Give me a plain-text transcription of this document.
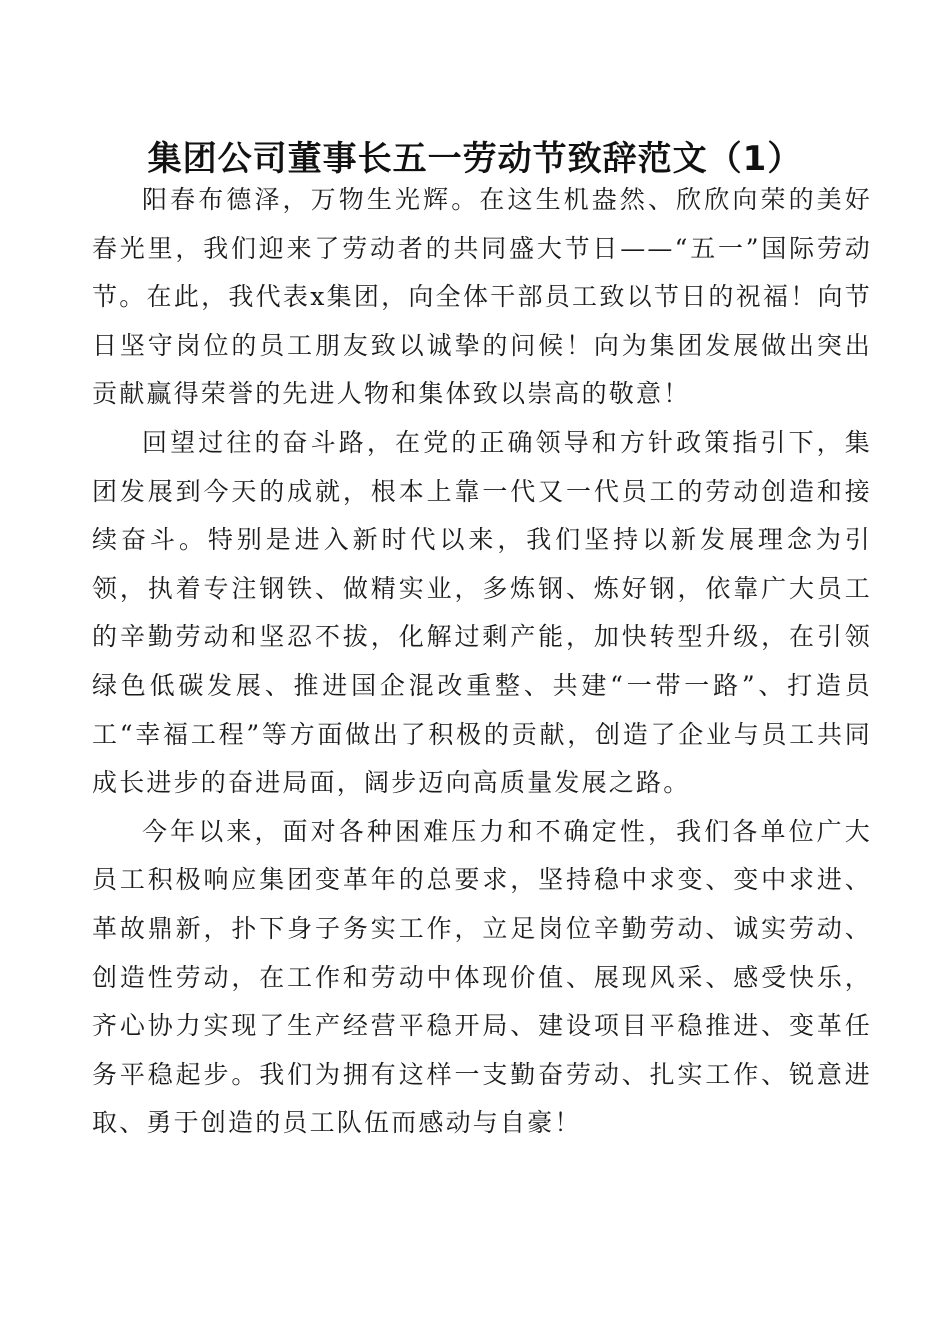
集团公司董事长五一劳动节致辞范文（1）

阳春布德泽，万物生光辉。在这生机盎然、欣欣向荣的美好春光里，我们迎来了劳动者的共同盛大节日——“五一”国际劳动节。在此，我代表x集团，向全体干部员工致以节日的祝福！向节日坚守岗位的员工朋友致以诚挚的问候！向为集团发展做出突出贡献赢得荣誉的先进人物和集体致以崇高的敬意！

回望过往的奋斗路，在党的正确领导和方针政策指引下，集团发展到今天的成就，根本上靠一代又一代员工的劳动创造和接续奋斗。特别是进入新时代以来，我们坚持以新发展理念为引领，执着专注钢铁、做精实业，多炼钢、炼好钢，依靠广大员工的辛勤劳动和坚忍不拔，化解过剩产能，加快转型升级，在引领绿色低碳发展、推进国企混改重整、共建“一带一路”、打造员工“幸福工程”等方面做出了积极的贡献，创造了企业与员工共同成长进步的奋进局面，阔步迈向高质量发展之路。

今年以来，面对各种困难压力和不确定性，我们各单位广大员工积极响应集团变革年的总要求，坚持稳中求变、变中求进、革故鼎新，扑下身子务实工作，立足岗位辛勤劳动、诚实劳动、创造性劳动，在工作和劳动中体现价值、展现风采、感受快乐，齐心协力实现了生产经营平稳开局、建设项目平稳推进、变革任务平稳起步。我们为拥有这样一支勤奋劳动、扎实工作、锐意进取、勇于创造的员工队伍而感动与自豪！
